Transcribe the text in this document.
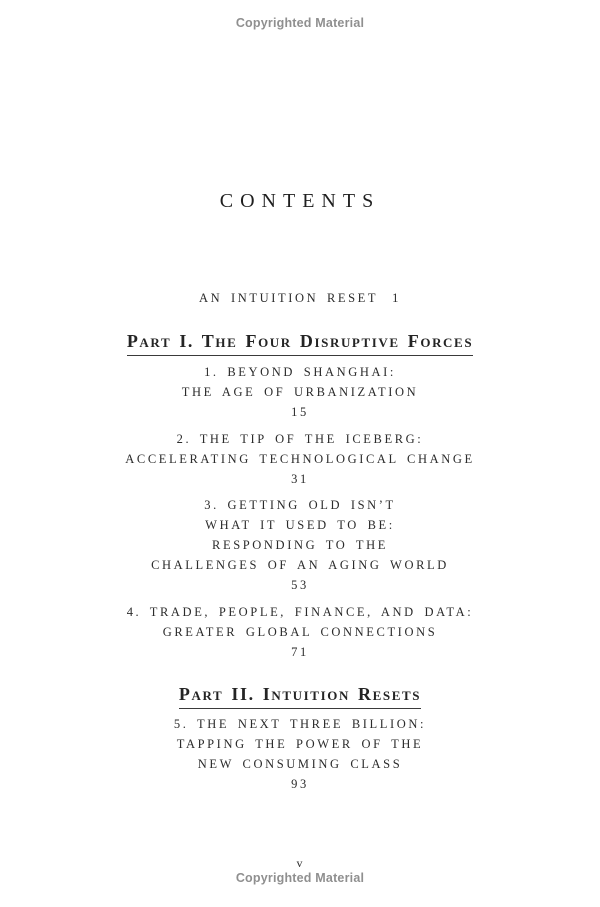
Copyrighted Material
CONTENTS
AN INTUITION RESET 1
Part I. The Four Disruptive Forces
1. BEYOND SHANGHAI:
THE AGE OF URBANIZATION
15
2. THE TIP OF THE ICEBERG:
ACCELERATING TECHNOLOGICAL CHANGE
31
3. GETTING OLD ISN’T
WHAT IT USED TO BE:
RESPONDING TO THE
CHALLENGES OF AN AGING WORLD
53
4. TRADE, PEOPLE, FINANCE, AND DATA:
GREATER GLOBAL CONNECTIONS
71
Part II. Intuition Resets
5. THE NEXT THREE BILLION:
TAPPING THE POWER OF THE
NEW CONSUMING CLASS
93
v
Copyrighted Material
